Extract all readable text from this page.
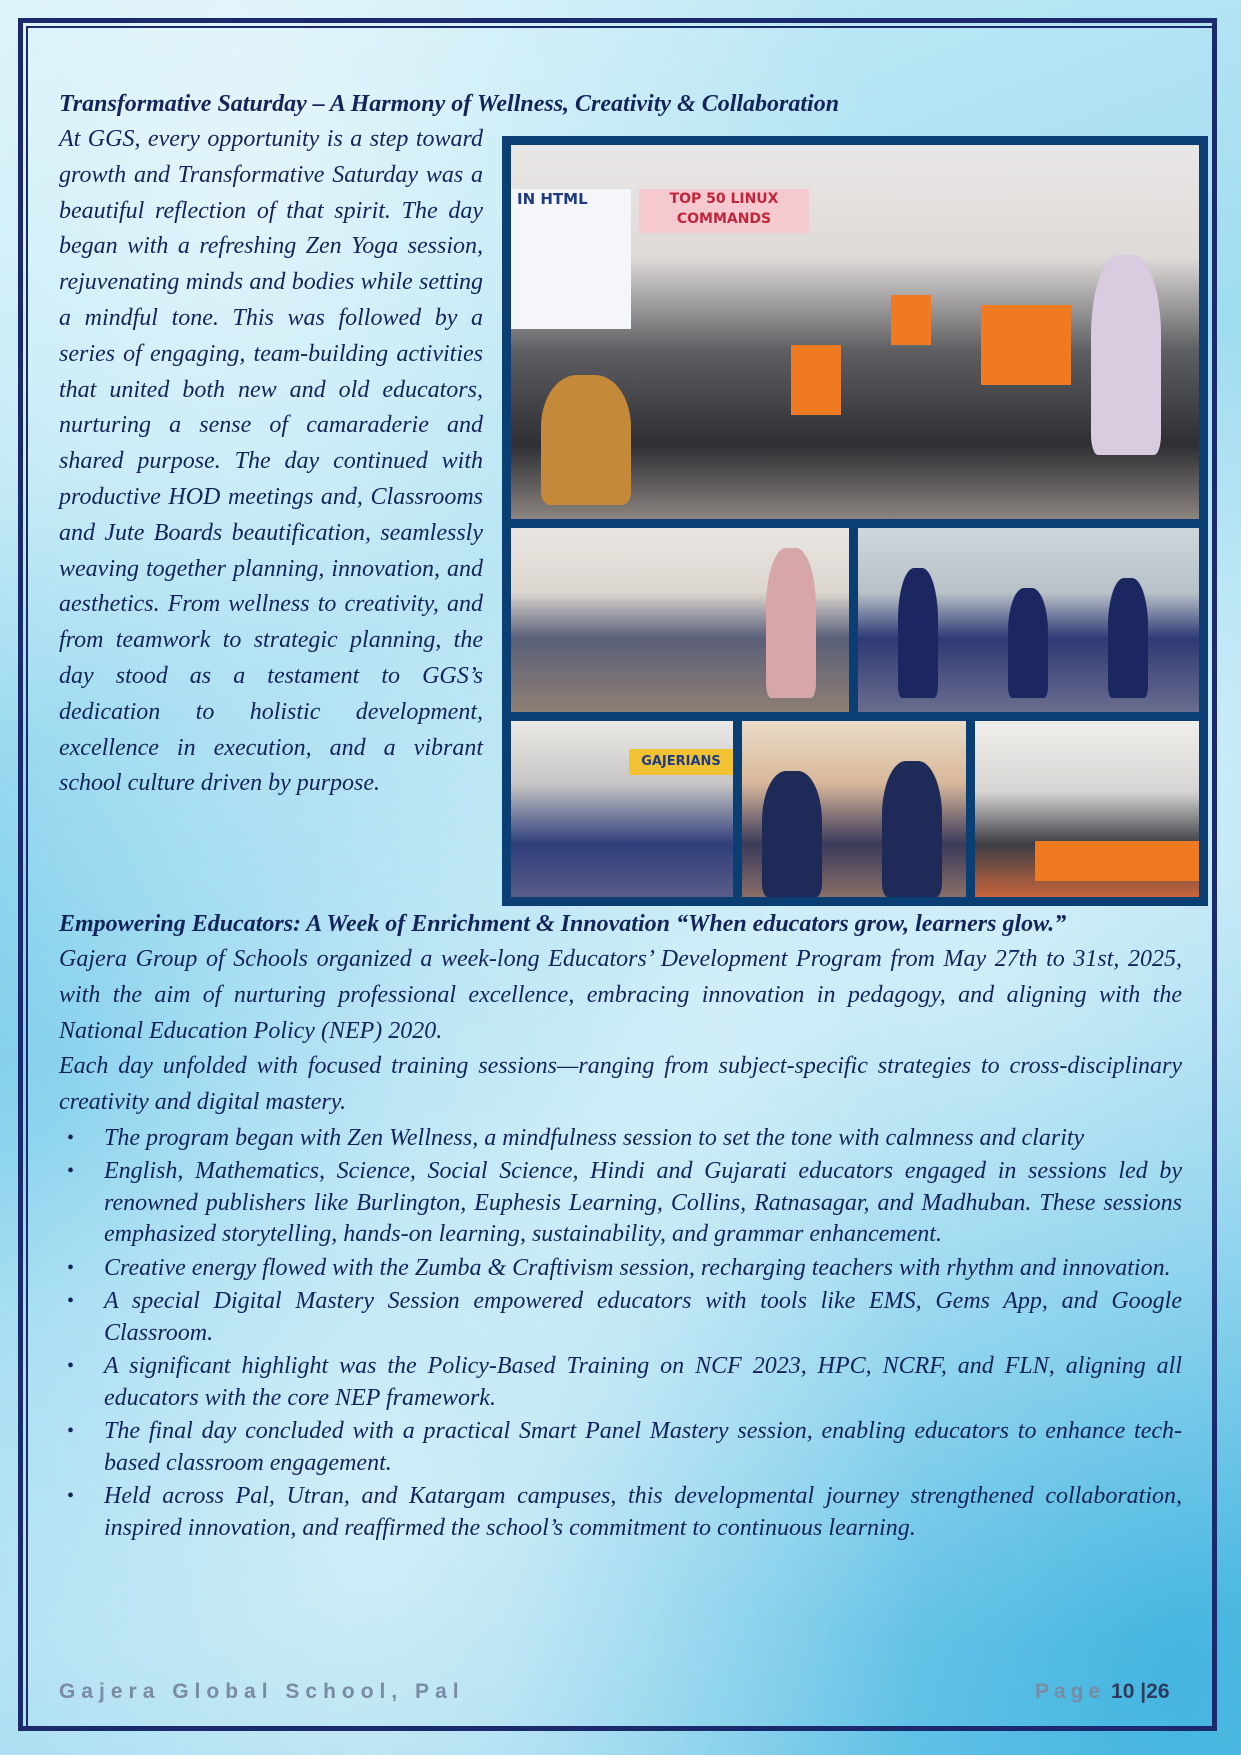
Transformative Saturday – A Harmony of Wellness, Creativity & Collaboration
At GGS, every opportunity is a step toward growth and Transformative Saturday was a beautiful reflection of that spirit. The day began with a refreshing Zen Yoga session, rejuvenating minds and bodies while setting a mindful tone. This was followed by a series of engaging, team-building activities that united both new and old educators, nurturing a sense of camaraderie and shared purpose. The day continued with productive HOD meetings and, Classrooms and Jute Boards beautification, seamlessly weaving together planning, innovation, and aesthetics. From wellness to creativity, and from teamwork to strategic planning, the day stood as a testament to GGS’s dedication to holistic development, excellence in execution, and a vibrant school culture driven by purpose.
IN HTML	TOP 50 LINUX COMMANDS
GAJERIANS
Empowering Educators: A Week of Enrichment & Innovation “When educators grow, learners glow.”

Gajera Group of Schools organized a week-long Educators’ Development Program from May 27th to 31st, 2025, with the aim of nurturing professional excellence, embracing innovation in pedagogy, and aligning with the National Education Policy (NEP) 2020.

Each day unfolded with focused training sessions—ranging from subject-specific strategies to cross-disciplinary creativity and digital mastery.

• The program began with Zen Wellness, a mindfulness session to set the tone with calmness and clarity
• English, Mathematics, Science, Social Science, Hindi and Gujarati educators engaged in sessions led by renowned publishers like Burlington, Euphesis Learning, Collins, Ratnasagar, and Madhuban. These sessions emphasized storytelling, hands-on learning, sustainability, and grammar enhancement.
• Creative energy flowed with the Zumba & Craftivism session, recharging teachers with rhythm and innovation.
• A special Digital Mastery Session empowered educators with tools like EMS, Gems App, and Google Classroom.
• A significant highlight was the Policy-Based Training on NCF 2023, HPC, NCRF, and FLN, aligning all educators with the core NEP framework.
• The final day concluded with a practical Smart Panel Mastery session, enabling educators to enhance tech-based classroom engagement.
• Held across Pal, Utran, and Katargam campuses, this developmental journey strengthened collaboration, inspired innovation, and reaffirmed the school’s commitment to continuous learning.
Gajera Global School, Pal	Page 10 |26
